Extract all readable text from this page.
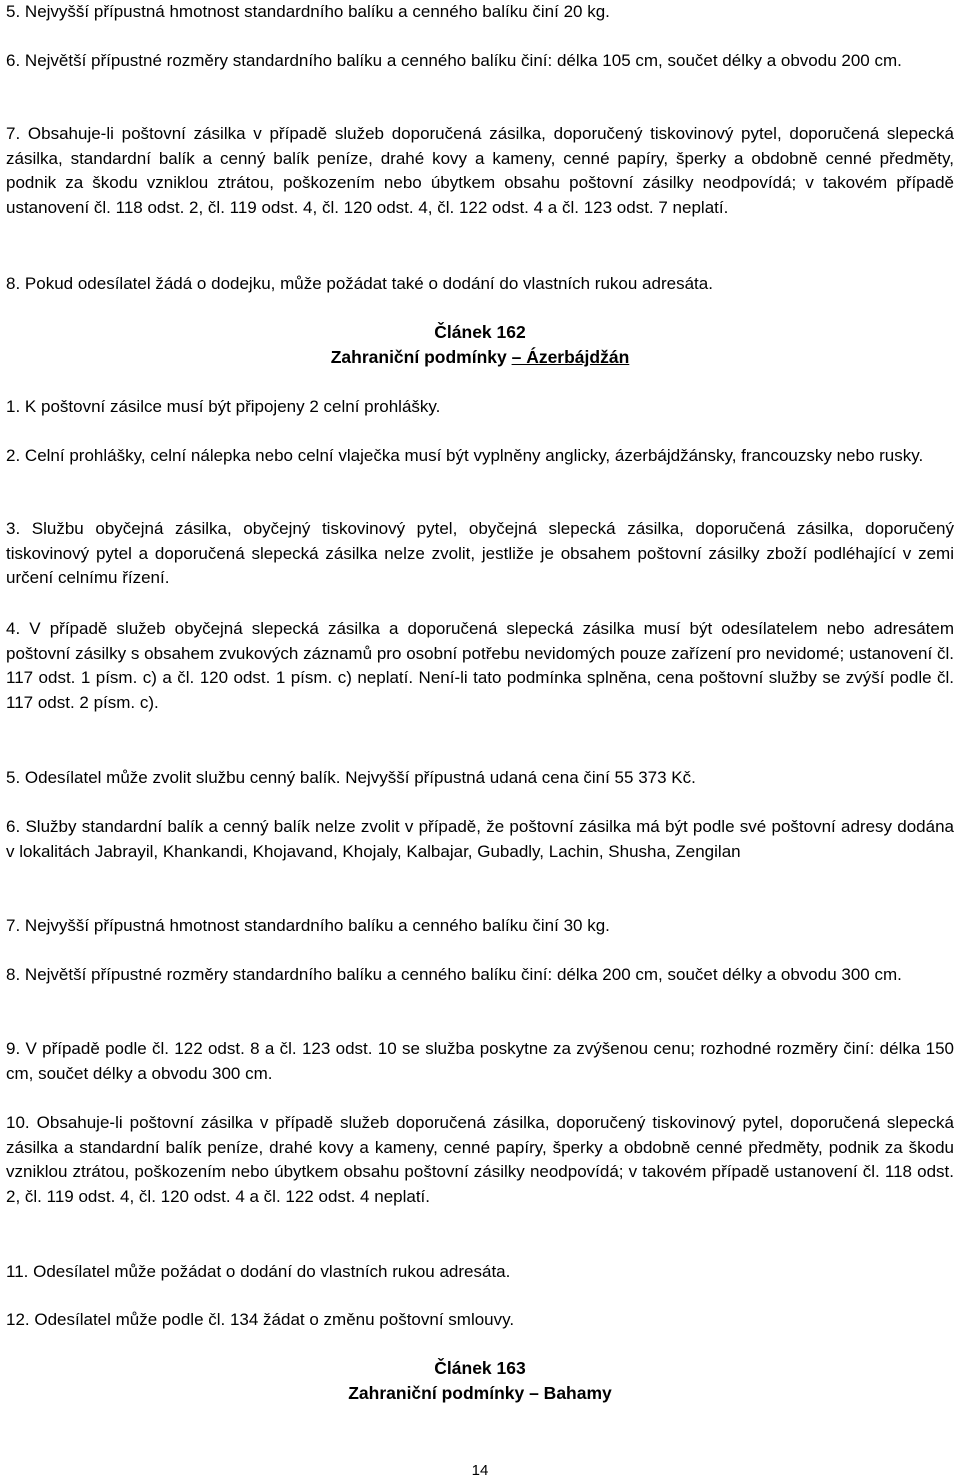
5. Nejvyšší přípustná hmotnost standardního balíku a cenného balíku činí 20 kg.

6. Největší přípustné rozměry standardního balíku a cenného balíku činí: délka 105 cm, součet délky a obvodu 200 cm.

7. Obsahuje-li poštovní zásilka v případě služeb doporučená zásilka, doporučený tiskovinový pytel, doporučená slepecká zásilka, standardní balík a cenný balík peníze, drahé kovy a kameny, cenné papíry, šperky a obdobně cenné předměty, podnik za škodu vzniklou ztrátou, poškozením nebo úbytkem obsahu poštovní zásilky neodpovídá; v takovém případě ustanovení čl. 118 odst. 2, čl. 119 odst. 4, čl. 120 odst. 4, čl. 122 odst. 4 a čl. 123 odst. 7 neplatí.

8. Pokud odesílatel žádá o dodejku, může požádat také o dodání do vlastních rukou adresáta.

Článek 162

Zahraniční podmínky – Ázerbájdžán

1. K poštovní zásilce musí být připojeny 2 celní prohlášky.

2. Celní prohlášky, celní nálepka nebo celní vlaječka musí být vyplněny anglicky, ázerbájdžánsky, francouzsky nebo rusky.

3. Službu obyčejná zásilka, obyčejný tiskovinový pytel, obyčejná slepecká zásilka, doporučená zásilka, doporučený tiskovinový pytel a doporučená slepecká zásilka nelze zvolit, jestliže je obsahem poštovní zásilky zboží podléhající v zemi určení celnímu řízení.

4. V případě služeb obyčejná slepecká zásilka a doporučená slepecká zásilka musí být odesílatelem nebo adresátem poštovní zásilky s obsahem zvukových záznamů pro osobní potřebu nevidomých pouze zařízení pro nevidomé; ustanovení čl. 117 odst. 1 písm. c) a čl. 120 odst. 1 písm. c) neplatí. Není-li tato podmínka splněna, cena poštovní služby se zvýší podle čl. 117 odst. 2 písm. c).

5. Odesílatel může zvolit službu cenný balík. Nejvyšší přípustná udaná cena činí 55 373 Kč.

6. Služby standardní balík a cenný balík nelze zvolit v případě, že poštovní zásilka má být podle své poštovní adresy dodána v lokalitách Jabrayil, Khankandi, Khojavand, Khojaly, Kalbajar, Gubadly, Lachin, Shusha, Zengilan

7. Nejvyšší přípustná hmotnost standardního balíku a cenného balíku činí 30 kg.

8. Největší přípustné rozměry standardního balíku a cenného balíku činí: délka 200 cm, součet délky a obvodu 300 cm.

9. V případě podle čl. 122 odst. 8 a čl. 123 odst. 10 se služba poskytne za zvýšenou cenu; rozhodné rozměry činí: délka 150 cm, součet délky a obvodu 300 cm.

10. Obsahuje-li poštovní zásilka v případě služeb doporučená zásilka, doporučený tiskovinový pytel, doporučená slepecká zásilka a standardní balík peníze, drahé kovy a kameny, cenné papíry, šperky a obdobně cenné předměty, podnik za škodu vzniklou ztrátou, poškozením nebo úbytkem obsahu poštovní zásilky neodpovídá; v takovém případě ustanovení čl. 118 odst. 2, čl. 119 odst. 4, čl. 120 odst. 4 a čl. 122 odst. 4 neplatí.

11. Odesílatel může požádat o dodání do vlastních rukou adresáta.

12. Odesílatel může podle čl. 134 žádat o změnu poštovní smlouvy.

Článek 163

Zahraniční podmínky – Bahamy

14
